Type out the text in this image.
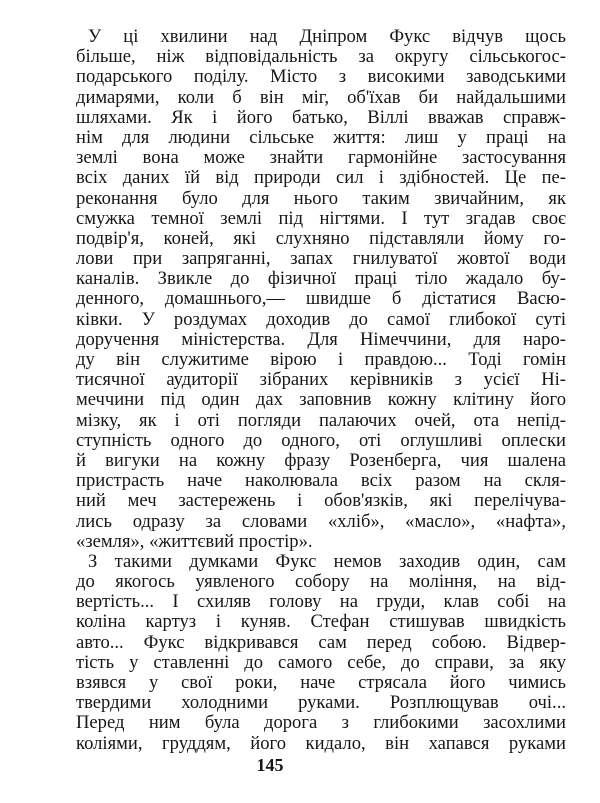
У ці хвилини над Дніпром Фукс відчув щось
більше, ніж відповідальність за округу сільськогос-
подарського поділу. Місто з високими заводськими
димарями, коли б він міг, об'їхав би найдальшими
шляхами. Як і його батько, Віллі вважав справж-
нім для людини сільське життя: лиш у праці на
землі вона може знайти гармонійне застосування
всіх даних їй від природи сил і здібностей. Це пе-
реконання було для нього таким звичайним, як
смужка темної землі під нігтями. І тут згадав своє
подвір'я, коней, які слухняно підставляли йому го-
лови при запряганні, запах гнилуватої жовтої води
каналів. Звикле до фізичної праці тіло жадало бу-
денного, домашнього,— швидше б дістатися Васю-
ківки. У роздумах доходив до самої глибокої суті
доручення міністерства. Для Німеччини, для наро-
ду він служитиме вірою і правдою... Тоді гомін
тисячної аудиторії зібраних керівників з усієї Ні-
меччини під один дах заповнив кожну клітину його
мізку, як і оті погляди палаючих очей, ота непід-
ступність одного до одного, оті оглушливі оплески
й вигуки на кожну фразу Розенберга, чия шалена
пристрасть наче наколювала всіх разом на скля-
ний меч застережень і обов'язків, які перелічува-
лись одразу за словами «хліб», «масло», «нафта»,
«земля», «життєвий простір».
З такими думками Фукс немов заходив один, сам
до якогось уявленого собору на моління, на від-
вертість... І схиляв голову на груди, клав собі на
коліна картуз і куняв. Стефан стишував швидкість
авто... Фукс відкривався сам перед собою. Відвер-
тість у ставленні до самого себе, до справи, за яку
взявся у свої роки, наче стрясала його чимись
твердими холодними руками. Розплющував очі...
Перед ним була дорога з глибокими засохлими
коліями, груддям, його кидало, він хапався руками
145
